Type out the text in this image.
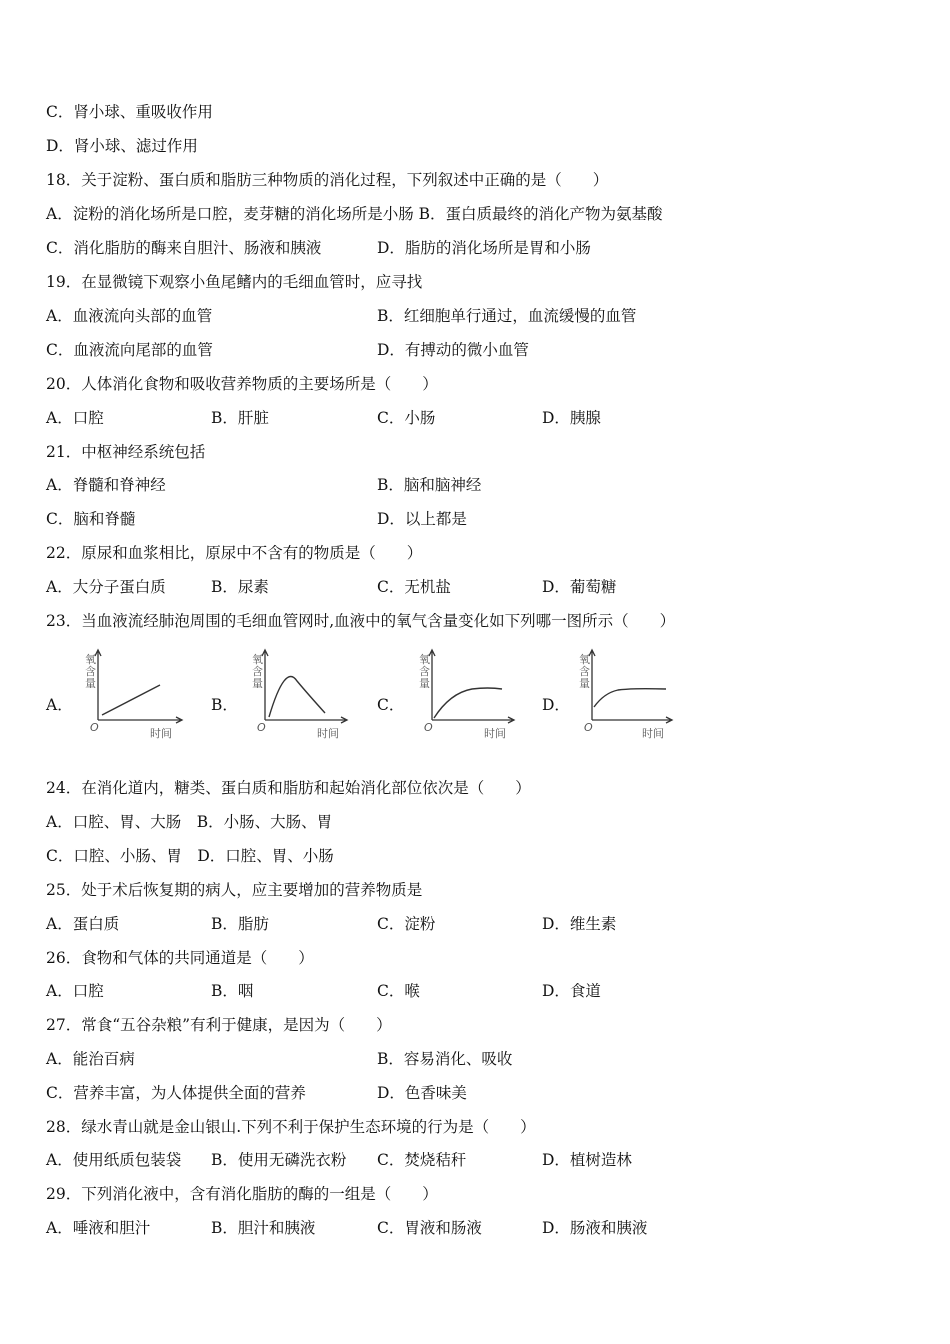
C．肾小球、重吸收作用
D．肾小球、滤过作用
18．关于淀粉、蛋白质和脂肪三种物质的消化过程，下列叙述中正确的是（　　）
A．淀粉的消化场所是口腔，麦芽糖的消化场所是小肠 B．蛋白质最终的消化产物为氨基酸
C．消化脂肪的酶来自胆汁、肠液和胰液	D．脂肪的消化场所是胃和小肠
19．在显微镜下观察小鱼尾鳍内的毛细血管时，应寻找
A．血液流向头部的血管	B．红细胞单行通过，血流缓慢的血管
C．血液流向尾部的血管	D．有搏动的微小血管
20．人体消化食物和吸收营养物质的主要场所是（　　）
A．口腔	B．肝脏	C．小肠	D．胰腺
21．中枢神经系统包括
A．脊髓和脊神经	B．脑和脑神经
C．脑和脊髓	D．以上都是
22．原尿和血浆相比，原尿中不含有的物质是（　　）
A．大分子蛋白质	B．尿素	C．无机盐	D．葡萄糖
23．当血液流经肺泡周围的毛细血管网时,血液中的氧气含量变化如下列哪一图所示（　　）
A．	B．	C．	D．
氧
含
量
O	时间
氧
含
量
O	时间
氧
含
量
O	时间
氧
含
量
O	时间
24．在消化道内，糖类、蛋白质和脂肪和起始消化部位依次是（　　）
A．口腔、胃、大肠　B．小肠、大肠、胃
C．口腔、小肠、胃　D．口腔、胃、小肠
25．处于术后恢复期的病人，应主要增加的营养物质是
A．蛋白质	B．脂肪	C．淀粉	D．维生素
26．食物和气体的共同通道是（　　）
A．口腔	B．咽	C．喉	D．食道
27．常食“五谷杂粮”有利于健康，是因为（　　）
A．能治百病	B．容易消化、吸收
C．营养丰富，为人体提供全面的营养	D．色香味美
28．绿水青山就是金山银山.下列不利于保护生态环境的行为是（　　）
A．使用纸质包装袋 B．使用无磷洗衣粉 C．焚烧秸秆	D．植树造林
29．下列消化液中，含有消化脂肪的酶的一组是（　　）
A．唾液和胆汁	B．胆汁和胰液	C．胃液和肠液	D．肠液和胰液
